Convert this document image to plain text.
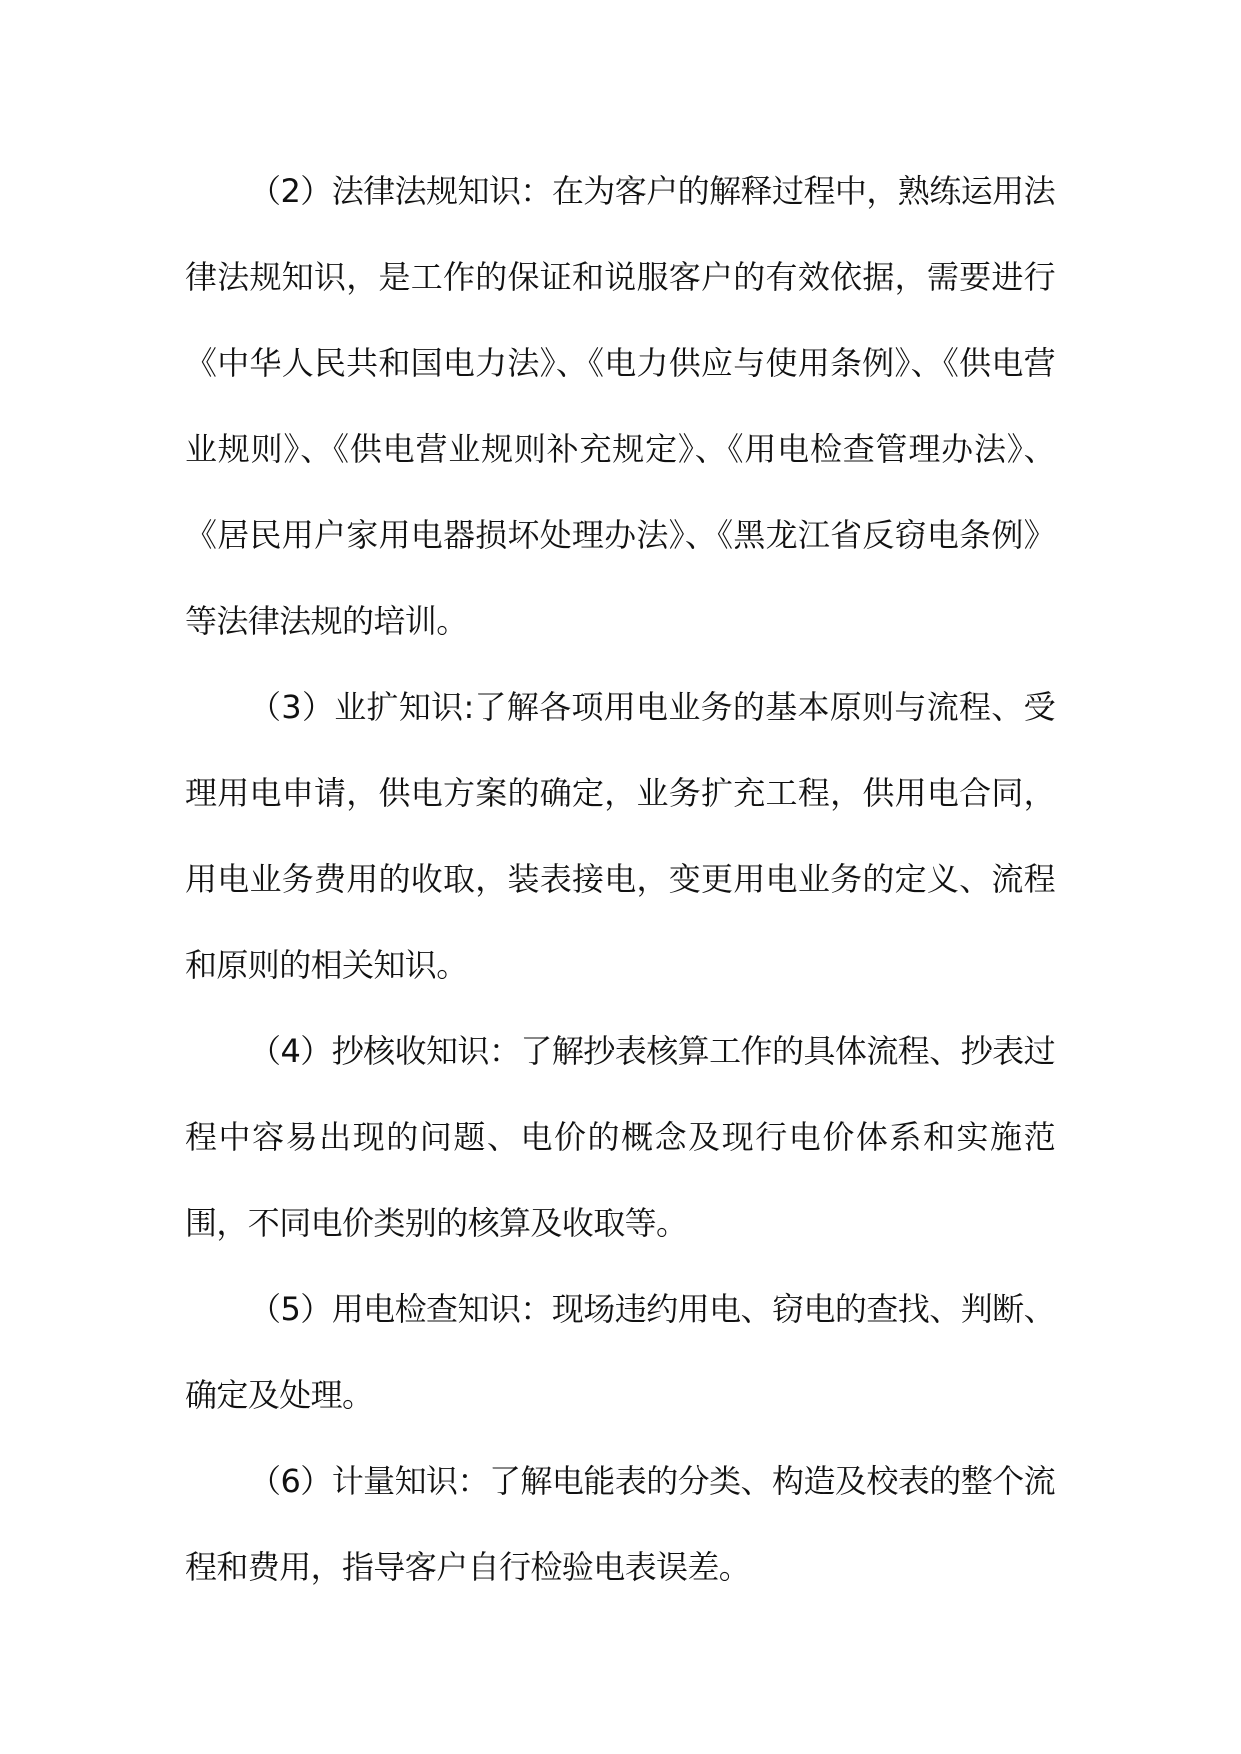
（2）法律法规知识：在为客户的解释过程中，熟练运用法律法规知识，是工作的保证和说服客户的有效依据，需要进行《中华人民共和国电力法》、《电力供应与使用条例》、《供电营业规则》、《供电营业规则补充规定》、《用电检查管理办法》、《居民用户家用电器损坏处理办法》、《黑龙江省反窃电条例》等法律法规的培训。

（3）业扩知识:了解各项用电业务的基本原则与流程、受理用电申请，供电方案的确定，业务扩充工程，供用电合同，用电业务费用的收取，装表接电，变更用电业务的定义、流程和原则的相关知识。

（4）抄核收知识：了解抄表核算工作的具体流程、抄表过程中容易出现的问题、电价的概念及现行电价体系和实施范围，不同电价类别的核算及收取等。

（5）用电检查知识：现场违约用电、窃电的查找、判断、确定及处理。

（6）计量知识：了解电能表的分类、构造及校表的整个流程和费用，指导客户自行检验电表误差。
